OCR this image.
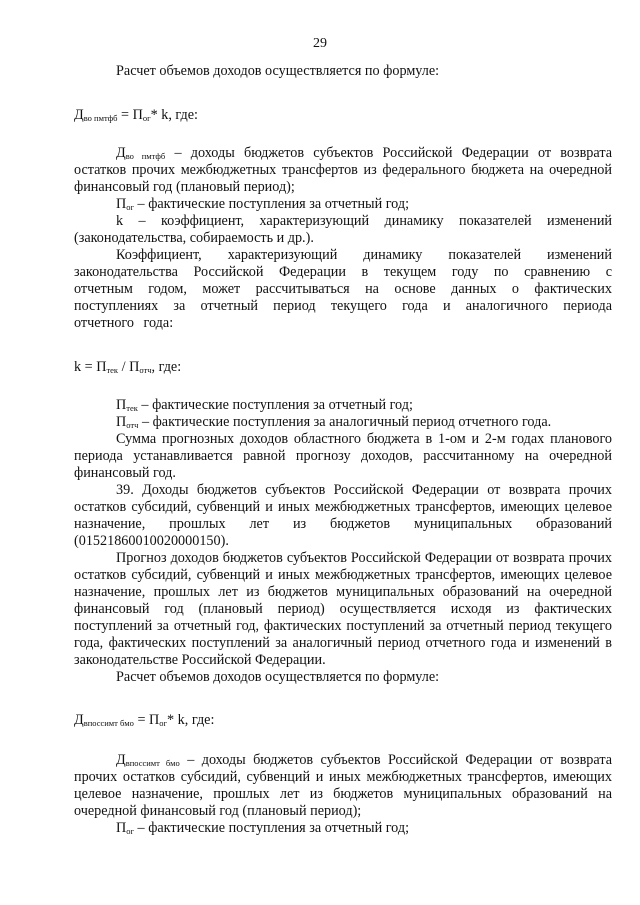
29

Расчет объемов доходов осуществляется по формуле:

$Д_{во пмтфб} = П_{ог}*$ k, где:

$Д_{во пмтфб}$ – доходы бюджетов субъектов Российской Федерации от возврата остатков прочих межбюджетных трансфертов из федерального бюджета на очередной финансовый год (плановый период);

$П_{ог}$ – фактические поступления за отчетный год;

k – коэффициент, характеризующий динамику показателей изменений (законодательства, собираемость и др.).

Коэффициент, характеризующий динамику показателей изменений законодательства Российской Федерации в текущем году по сравнению с отчетным годом, может рассчитываться на основе данных о фактических поступлениях за отчетный период текущего года и аналогичного периода отчетного года:

$k = П_{тек} / П_{отч}$, где:

$П_{тек}$ – фактические поступления за отчетный год;

$П_{отч}$ – фактические поступления за аналогичный период отчетного года.

Сумма прогнозных доходов областного бюджета в 1-ом и 2-м годах планового периода устанавливается равной прогнозу доходов, рассчитанному на очередной финансовый год.

39. Доходы бюджетов субъектов Российской Федерации от возврата прочих остатков субсидий, субвенций и иных межбюджетных трансфертов, имеющих целевое назначение, прошлых лет из бюджетов муниципальных образований (01521860010020000150).

Прогноз доходов бюджетов субъектов Российской Федерации от возврата прочих остатков субсидий, субвенций и иных межбюджетных трансфертов, имеющих целевое назначение, прошлых лет из бюджетов муниципальных образований на очередной финансовый год (плановый период) осуществляется исходя из фактических поступлений за отчетный год, фактических поступлений за отчетный период текущего года, фактических поступлений за аналогичный период отчетного года и изменений в законодательстве Российской Федерации.

Расчет объемов доходов осуществляется по формуле:

$Д_{впоссимт бмо} = П_{ог}*$ k, где:

$Д_{впоссимт бмо}$ – доходы бюджетов субъектов Российской Федерации от возврата прочих остатков субсидий, субвенций и иных межбюджетных трансфертов, имеющих целевое назначение, прошлых лет из бюджетов муниципальных образований на очередной финансовый год (плановый период);

$П_{ог}$ – фактические поступления за отчетный год;
